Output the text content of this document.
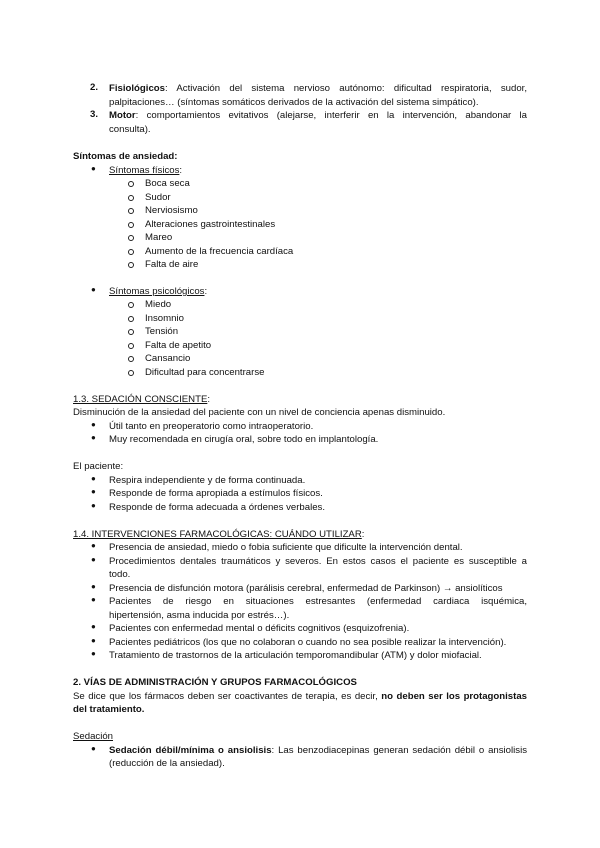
2. Fisiológicos: Activación del sistema nervioso autónomo: dificultad respiratoria, sudor,
palpitaciones… (síntomas somáticos derivados de la activación del sistema simpático).
3. Motor: comportamientos evitativos (alejarse, interferir en la intervención, abandonar la
consulta).
Síntomas de ansiedad:
● Síntomas físicos:
Boca seca
Sudor
Nerviosismo
Alteraciones gastrointestinales
Mareo
Aumento de la frecuencia cardíaca
Falta de aire
● Síntomas psicológicos:
Miedo
Insomnio
Tensión
Falta de apetito
Cansancio
Dificultad para concentrarse
1.3. SEDACIÓN CONSCIENTE:
Disminución de la ansiedad del paciente con un nivel de conciencia apenas disminuido.
● Útil tanto en preoperatorio como intraoperatorio.
● Muy recomendada en cirugía oral, sobre todo en implantología.
El paciente:
● Respira independiente y de forma continuada.
● Responde de forma apropiada a estímulos físicos.
● Responde de forma adecuada a órdenes verbales.
1.4. INTERVENCIONES FARMACOLÓGICAS: CUÁNDO UTILIZAR:
● Presencia de ansiedad, miedo o fobia suficiente que dificulte la intervención dental.
● Procedimientos dentales traumáticos y severos. En estos casos el paciente es susceptible a
todo.
● Presencia de disfunción motora (parálisis cerebral, enfermedad de Parkinson) → ansiolíticos
● Pacientes de riesgo en situaciones estresantes (enfermedad cardiaca isquémica,
hipertensión, asma inducida por estrés…).
● Pacientes con enfermedad mental o déficits cognitivos (esquizofrenia).
● Pacientes pediátricos (los que no colaboran o cuando no sea posible realizar la intervención).
● Tratamiento de trastornos de la articulación temporomandibular (ATM) y dolor miofacial.
2. VÍAS DE ADMINISTRACIÓN Y GRUPOS FARMACOLÓGICOS
Se dice que los fármacos deben ser coactivantes de terapia, es decir, no deben ser los protagonistas
del tratamiento.
Sedación
● Sedación débil/mínima o ansiolisis: Las benzodiacepinas generan sedación débil o ansiolisis
(reducción de la ansiedad).
